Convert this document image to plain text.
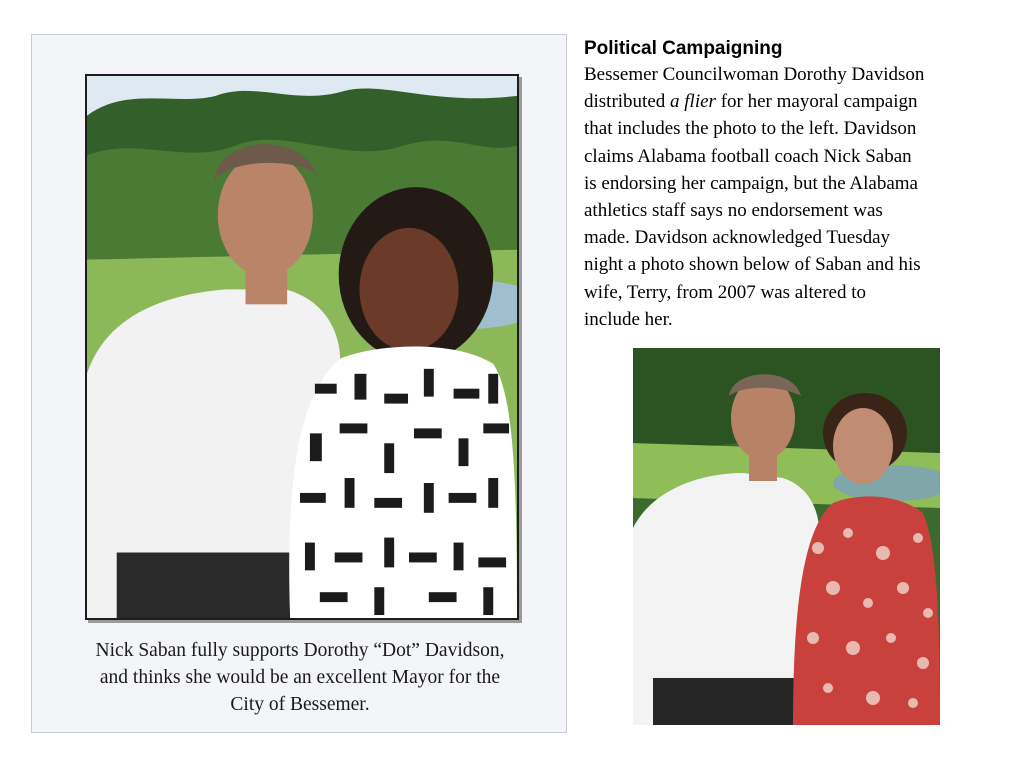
Nick Saban fully supports Dorothy “Dot” Davidson,
and thinks she would be an excellent Mayor for the
City of Bessemer.
Political Campaigning

Bessemer Councilwoman Dorothy Davidson
distributed a flier for her mayoral campaign
that includes the photo to the left. Davidson
claims Alabama football coach Nick Saban
is endorsing her campaign, but the Alabama
athletics staff says no endorsement was
made. Davidson acknowledged Tuesday
night a photo shown below of Saban and his
wife, Terry, from 2007 was altered to
include her.
